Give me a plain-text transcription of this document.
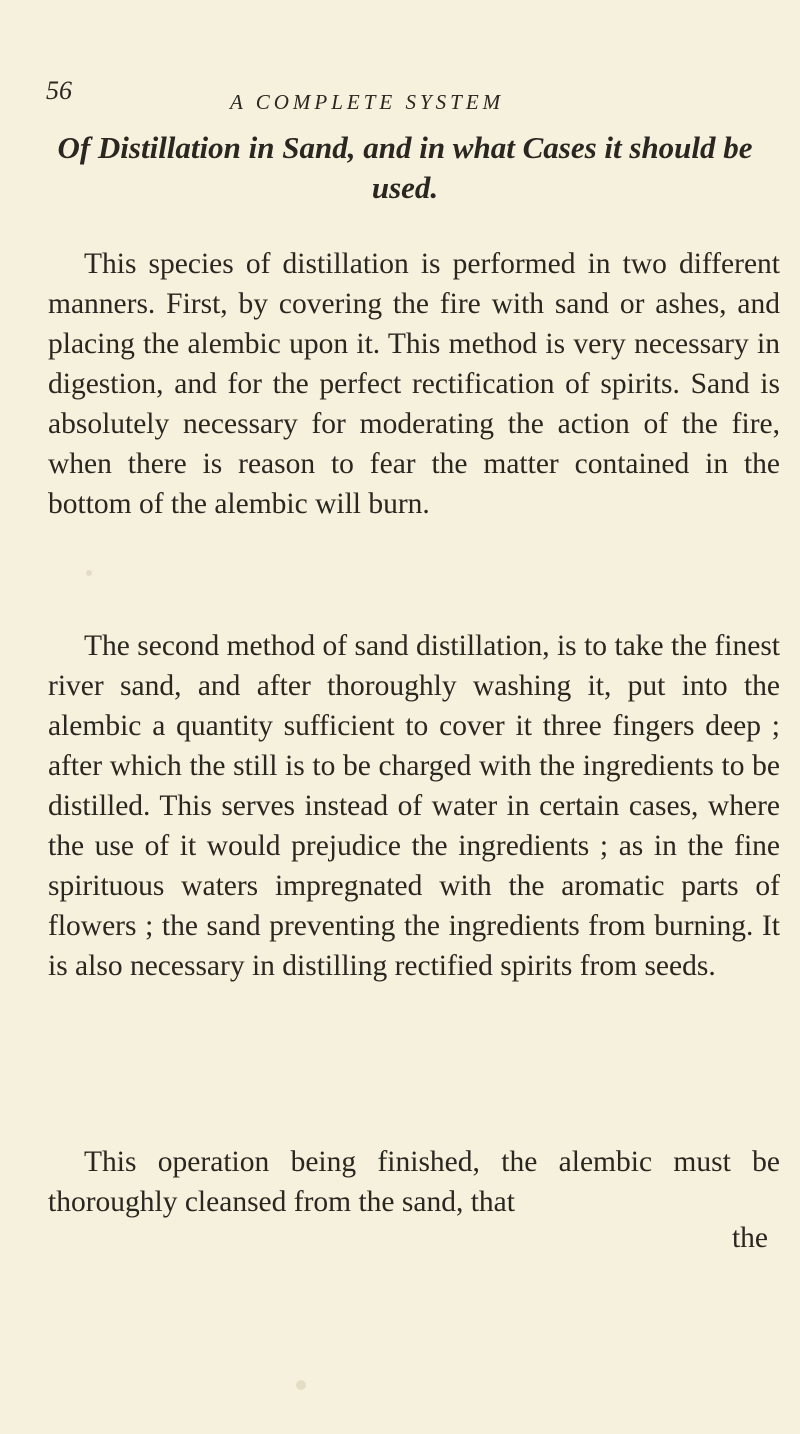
56	A COMPLETE SYSTEM
Of Distillation in Sand, and in what Cases it should be used.

This species of distillation is performed in two different manners. First, by covering the fire with sand or ashes, and placing the alembic upon it. This method is very necessary in digestion, and for the perfect rectification of spirits. Sand is absolutely necessary for moderating the action of the fire, when there is reason to fear the matter contained in the bottom of the alembic will burn.

The second method of sand distillation, is to take the finest river sand, and after thoroughly washing it, put into the alembic a quantity sufficient to cover it three fingers deep ; after which the still is to be charged with the ingredients to be distilled. This serves instead of water in certain cases, where the use of it would prejudice the ingredients ; as in the fine spirituous waters impregnated with the aromatic parts of flowers ; the sand preventing the ingredients from burning. It is also necessary in distilling rectified spirits from seeds.

This operation being finished, the alembic must be thoroughly cleansed from the sand, that

the
